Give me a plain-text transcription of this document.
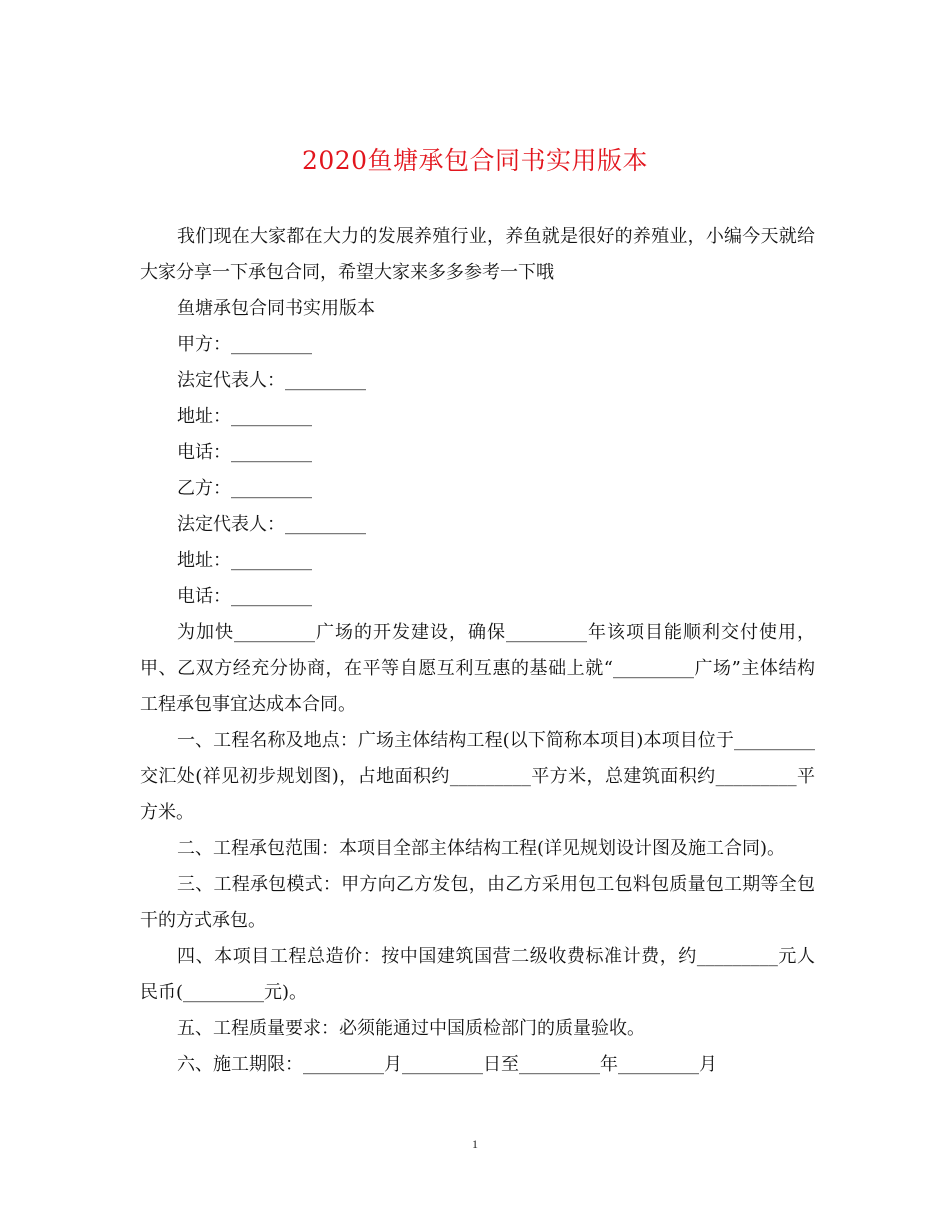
2020鱼塘承包合同书实用版本

我们现在大家都在大力的发展养殖行业，养鱼就是很好的养殖业，小编今天就给大家分享一下承包合同，希望大家来多多参考一下哦

鱼塘承包合同书实用版本

甲方：_________

法定代表人：_________

地址：_________

电话：_________

乙方：_________

法定代表人：_________

地址：_________

电话：_________

为加快_________广场的开发建设，确保_________年该项目能顺利交付使用，甲、乙双方经充分协商，在平等自愿互利互惠的基础上就“_________广场”主体结构工程承包事宜达成本合同。

一、工程名称及地点：广场主体结构工程(以下简称本项目)本项目位于_________交汇处(祥见初步规划图)，占地面积约_________平方米，总建筑面积约_________平方米。

二、工程承包范围：本项目全部主体结构工程(详见规划设计图及施工合同)。

三、工程承包模式：甲方向乙方发包，由乙方采用包工包料包质量包工期等全包干的方式承包。

四、本项目工程总造价：按中国建筑国营二级收费标准计费，约_________元人民币(_________元)。

五、工程质量要求：必须能通过中国质检部门的质量验收。

六、施工期限：_________月_________日至_________年_________月

1
